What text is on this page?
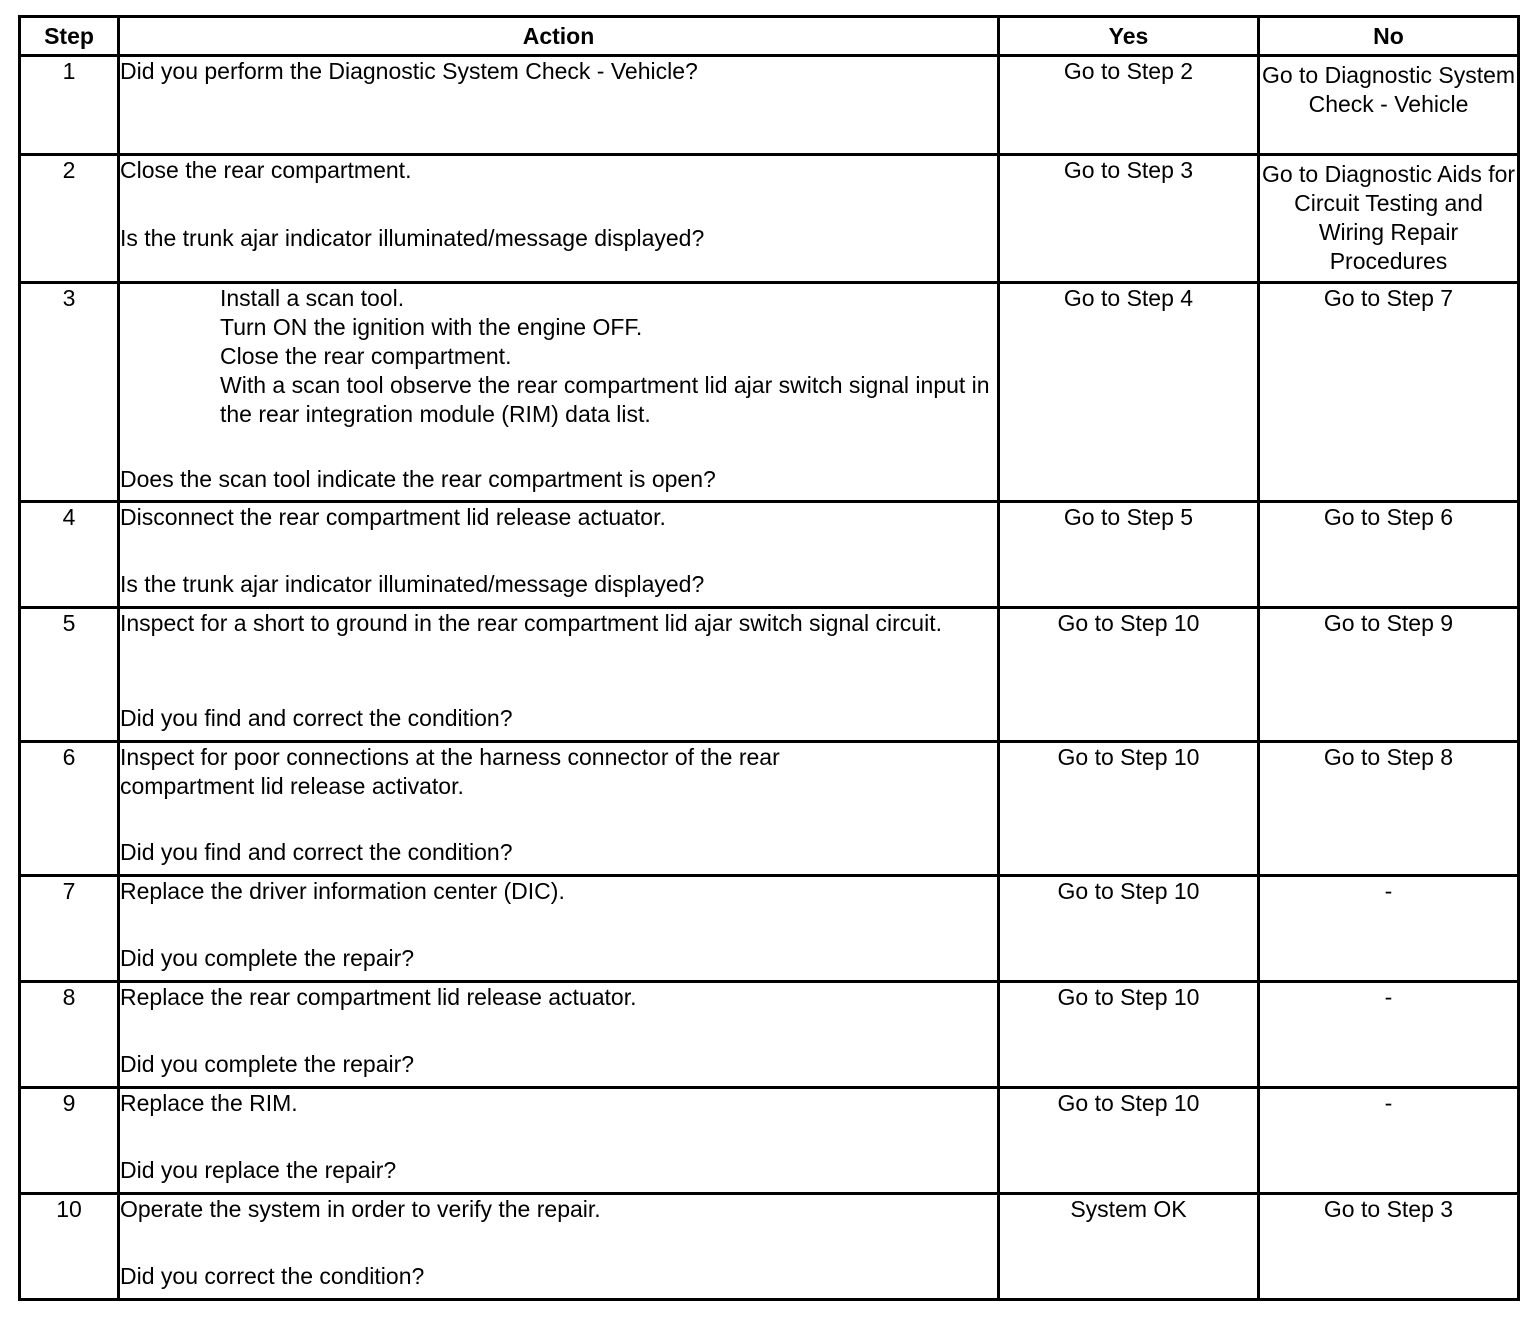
Step	Action	Yes	No
1	Did you perform the Diagnostic System Check - Vehicle?	Go to Step 2	Go to Diagnostic System Check - Vehicle
2	Close the rear compartment.
Is the trunk ajar indicator illuminated/message displayed?	Go to Step 3	Go to Diagnostic Aids for Circuit Testing and Wiring Repair Procedures
3	Install a scan tool.
Turn ON the ignition with the engine OFF.
Close the rear compartment.
With a scan tool observe the rear compartment lid ajar switch signal input in the rear integration module (RIM) data list.
Does the scan tool indicate the rear compartment is open?	Go to Step 4	Go to Step 7
4	Disconnect the rear compartment lid release actuator.
Is the trunk ajar indicator illuminated/message displayed?	Go to Step 5	Go to Step 6
5	Inspect for a short to ground in the rear compartment lid ajar switch signal circuit.
Did you find and correct the condition?	Go to Step 10	Go to Step 9
6	Inspect for poor connections at the harness connector of the rear compartment lid release activator.
Did you find and correct the condition?	Go to Step 10	Go to Step 8
7	Replace the driver information center (DIC).
Did you complete the repair?	Go to Step 10	-
8	Replace the rear compartment lid release actuator.
Did you complete the repair?	Go to Step 10	-
9	Replace the RIM.
Did you replace the repair?	Go to Step 10	-
10	Operate the system in order to verify the repair.
Did you correct the condition?	System OK	Go to Step 3
